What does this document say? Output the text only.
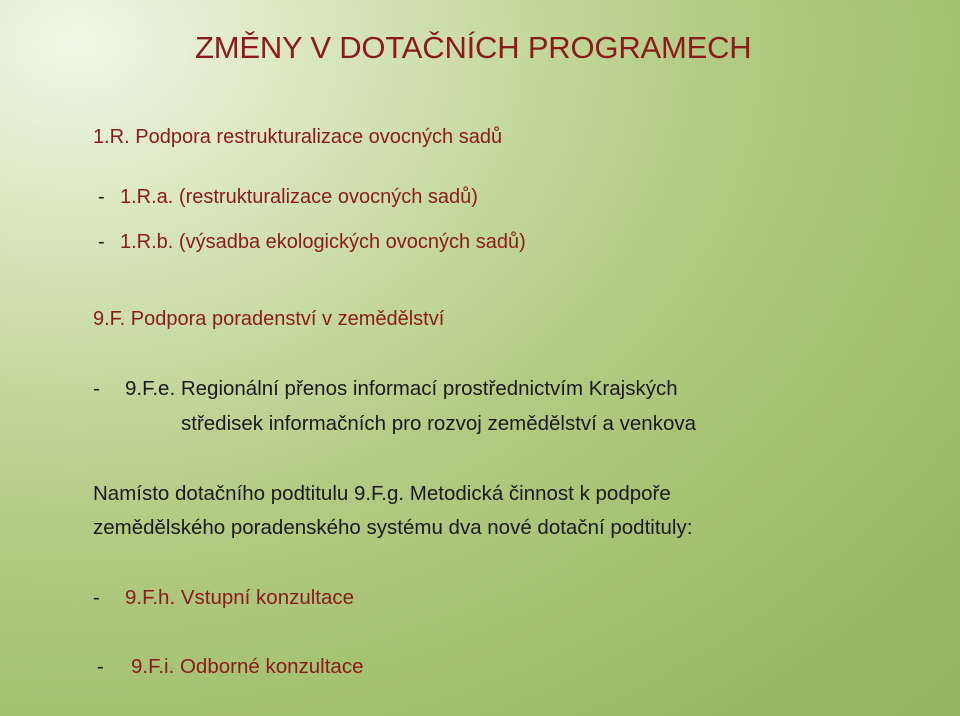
ZMĚNY V DOTAČNÍCH PROGRAMECH
1.R. Podpora restrukturalizace ovocných sadů
- 1.R.a. (restrukturalizace ovocných sadů)
- 1.R.b. (výsadba ekologických ovocných sadů)
9.F. Podpora poradenství v zemědělství
- 9.F.e. Regionální přenos informací prostřednictvím Krajských
středisek informačních pro rozvoj zemědělství a venkova
Namísto dotačního podtitulu 9.F.g. Metodická činnost k podpoře
zemědělského poradenského systému dva nové dotační podtituly:
- 9.F.h. Vstupní konzultace
- 9.F.i. Odborné konzultace
